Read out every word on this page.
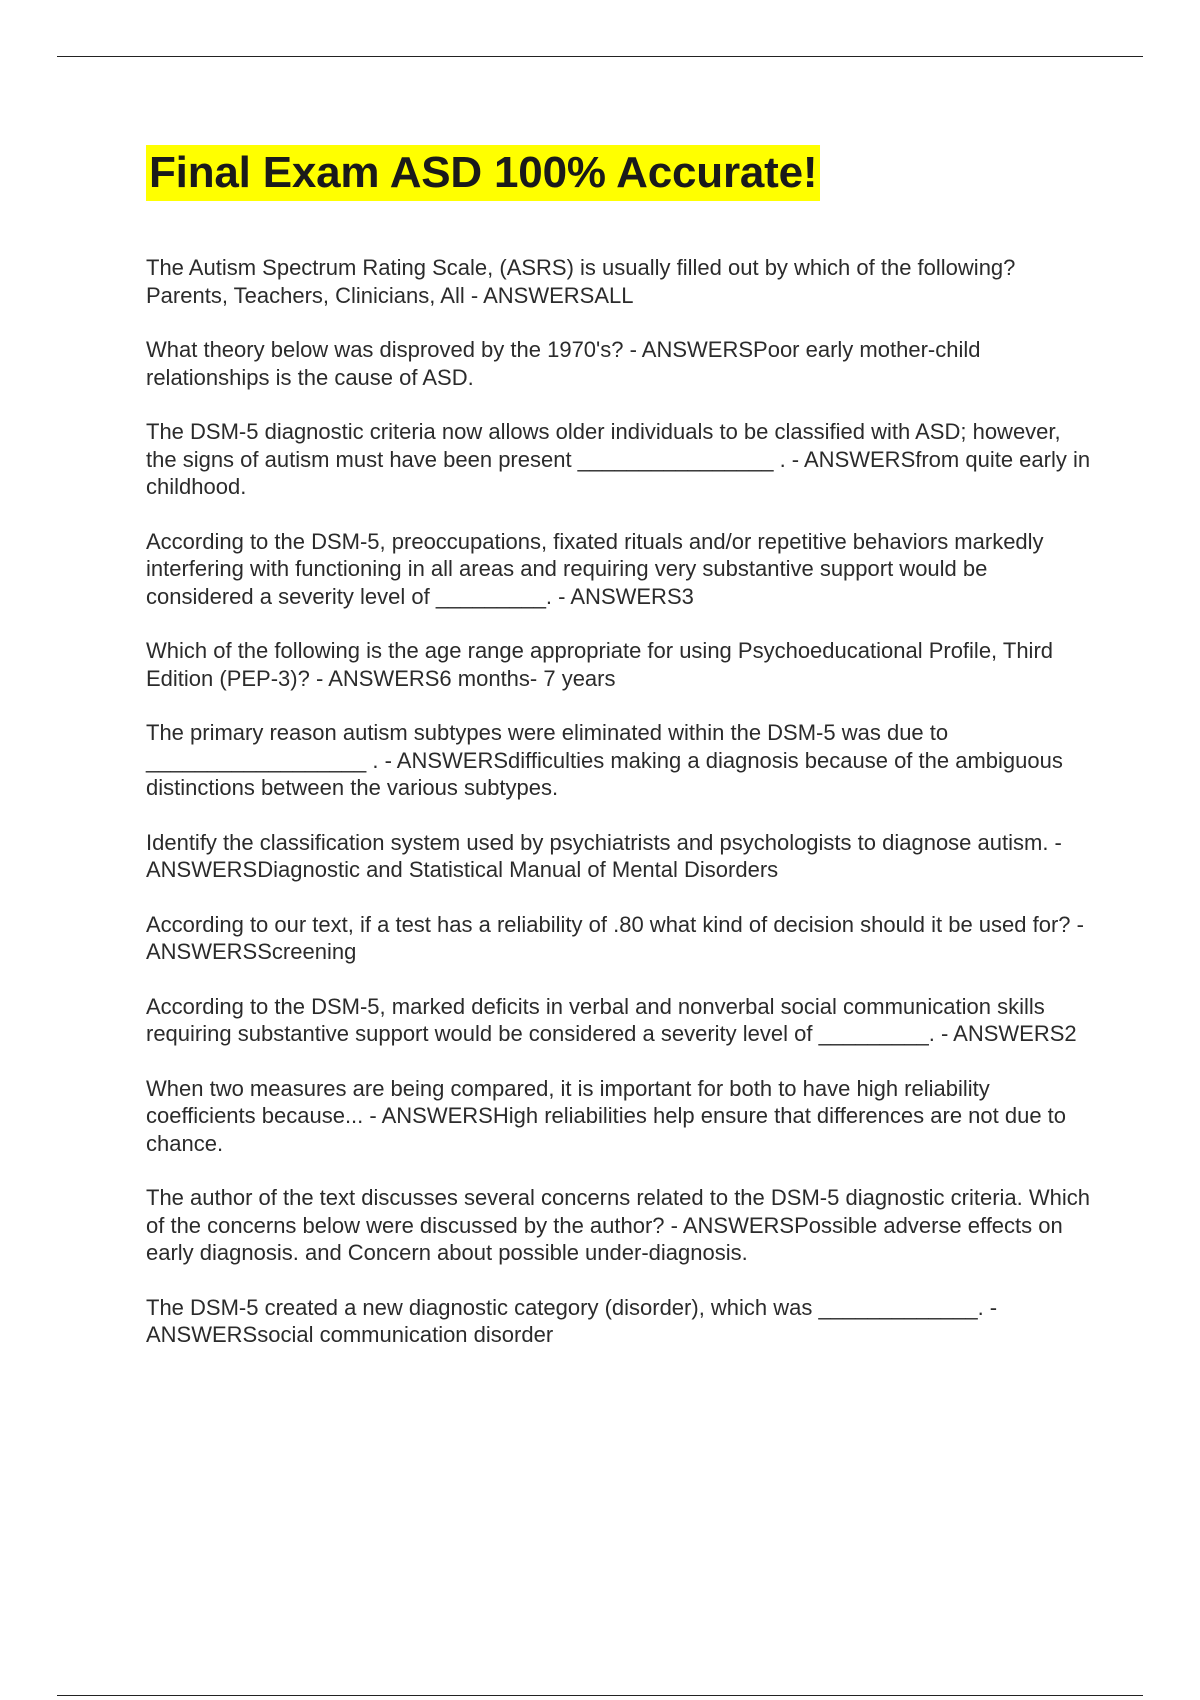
Final Exam ASD 100% Accurate!

The Autism Spectrum Rating Scale, (ASRS) is usually filled out by which of the following? Parents, Teachers, Clinicians, All - ANSWERSALL

What theory below was disproved by the 1970's? - ANSWERSPoor early mother-child relationships is the cause of ASD.

The DSM-5 diagnostic criteria now allows older individuals to be classified with ASD; however, the signs of autism must have been present ________________ . - ANSWERSfrom quite early in childhood.

According to the DSM-5, preoccupations, fixated rituals and/or repetitive behaviors markedly interfering with functioning in all areas and requiring very substantive support would be considered a severity level of _________. - ANSWERS3

Which of the following is the age range appropriate for using Psychoeducational Profile, Third Edition (PEP-3)? - ANSWERS6 months- 7 years

The primary reason autism subtypes were eliminated within the DSM-5 was due to __________________ . - ANSWERSdifficulties making a diagnosis because of the ambiguous distinctions between the various subtypes.

Identify the classification system used by psychiatrists and psychologists to diagnose autism. - ANSWERSDiagnostic and Statistical Manual of Mental Disorders

According to our text, if a test has a reliability of .80 what kind of decision should it be used for? - ANSWERSScreening

According to the DSM-5, marked deficits in verbal and nonverbal social communication skills requiring substantive support would be considered a severity level of _________. - ANSWERS2

When two measures are being compared, it is important for both to have high reliability coefficients because... - ANSWERSHigh reliabilities help ensure that differences are not due to chance.

The author of the text discusses several concerns related to the DSM-5 diagnostic criteria. Which of the concerns below were discussed by the author? - ANSWERSPossible adverse effects on early diagnosis. and Concern about possible under-diagnosis.

The DSM-5 created a new diagnostic category (disorder), which was _____________. - ANSWERSsocial communication disorder
